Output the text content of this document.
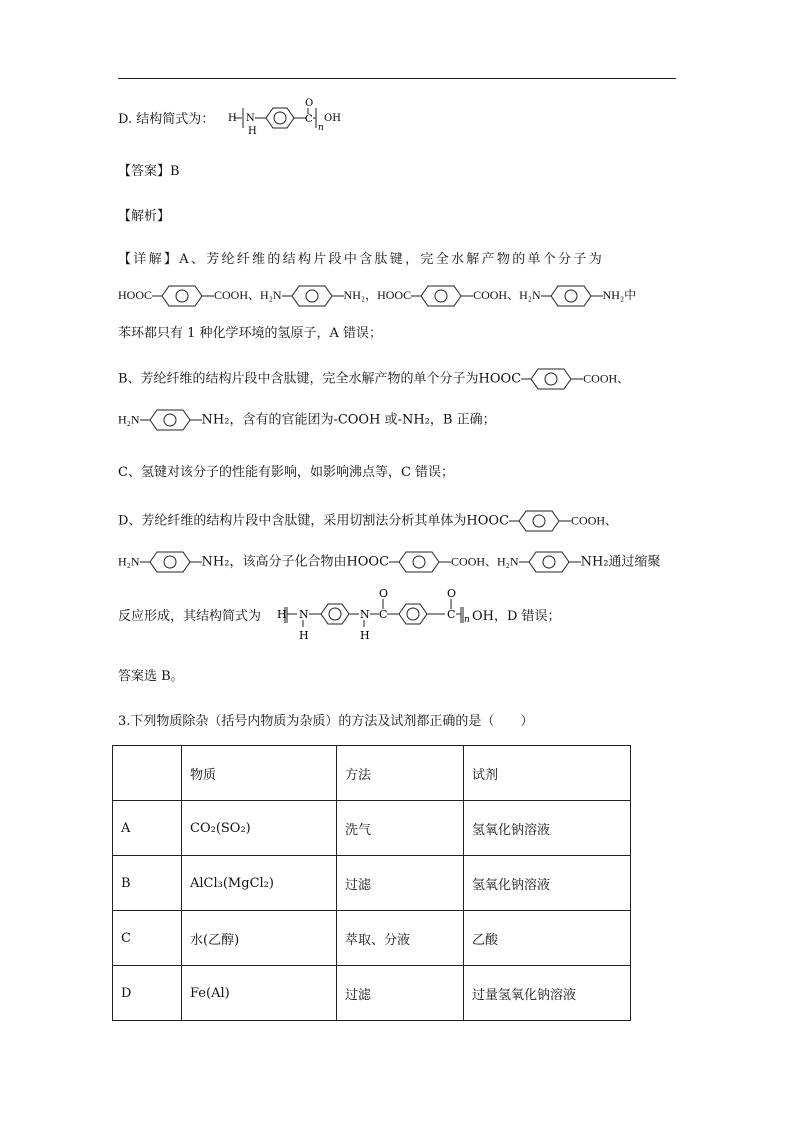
D. 结构简式为： H N
H
O
C
n
OH
【答案】B
【解析】
【详解】A、芳纶纤维的结构片段中含肽键，完全水解产物的单个分子为
HOOC	COOH、H₂N	NH₂，HOOC	COOH、H₂N	NH₂中
苯环都只有 1 种化学环境的氢原子，A 错误；
B、芳纶纤维的结构片段中含肽键，完全水解产物的单个分子为HOOC	COOH、
H₂N	NH₂，含有的官能团为-COOH 或-NH₂，B 正确；
C、氢键对该分子的性能有影响，如影响沸点等，C 错误；
D、芳纶纤维的结构片段中含肽键，采用切割法分析其单体为HOOC	COOH、
H₂N	NH₂，该高分子化合物由HOOC	COOH、H₂N	NH₂通过缩聚
反应形成，其结构简式为 H N
H
N
H
O
C
O
C n OH，D 错误；
答案选 B。
3.下列物质除杂（括号内物质为杂质）的方法及试剂都正确的是（　　）
	物质	方法	试剂
A	CO₂(SO₂)	洗气	氢氧化钠溶液
B	AlCl₃(MgCl₂)	过滤	氢氧化钠溶液
C	水(乙醇)	萃取、分液	乙酸
D	Fe(Al)	过滤	过量氢氧化钠溶液
